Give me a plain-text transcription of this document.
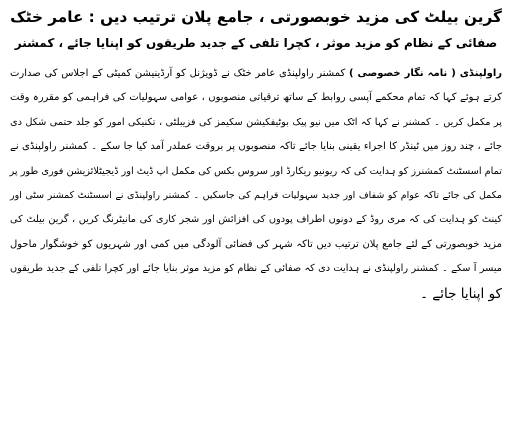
گرین بیلٹ کی مزید خوبصورتی ، جامع پلان ترتیب دیں : عامر خٹک

صفائی کے نظام کو مزید موثر ، کچرا تلفی کے جدید طریقوں کو اپنایا جائے ، کمشنر

راولپنڈی ( نامہ نگار خصوصی ) کمشنر راولپنڈی عامر خٹک نے ڈویژنل کو آرڈینیشن کمیٹی کے اجلاس کی صدارت

کرتے ہوئے کہا کہ تمام محکمے آپسی روابط کے ساتھ ترقیاتی منصوبوں ، عوامی سہولیات کی فراہمی کو مقررہ وقت

پر مکمل کریں ۔ کمشنر نے کہا کہ اٹک میں نیو پیک بوٹیفکیشن سکیمز کی فزیبلٹی ، تکنیکی امور کو جلد حتمی شکل دی

جائے ، چند روز میں ٹینڈر کا اجراء یقینی بنایا جائے تاکہ منصوبوں پر بروقت عملدر آمد کیا جا سکے ۔ کمشنر راولپنڈی نے

تمام اسسٹنٹ کمشنرز کو ہدایت کی کہ ریونیو ریکارڈ اور سروس بکس کی مکمل اپ ڈیٹ اور ڈیجیٹلائزیشن فوری طور پر

مکمل کی جائے تاکہ عوام کو شفاف اور جدید سہولیات فراہم کی جاسکیں ۔ کمشنر راولپنڈی نے اسسٹنٹ کمشنر سٹی اور

کینٹ کو ہدایت کی کہ مری روڈ کے دونوں اطراف پودوں کی افزائش اور شجر کاری کی مانیٹرنگ کریں ، گرین بیلٹ کی

مزید خوبصورتی کے لئے جامع پلان ترتیب دیں تاکہ شہر کی فضائی آلودگی میں کمی اور شہریوں کو خوشگوار ماحول

میسر آ سکے ۔ کمشنر راولپنڈی نے ہدایت دی کہ صفائی کے نظام کو مزید موثر بنایا جائے اور کچرا تلفی کے جدید طریقوں

کو اپنایا جائے ۔
